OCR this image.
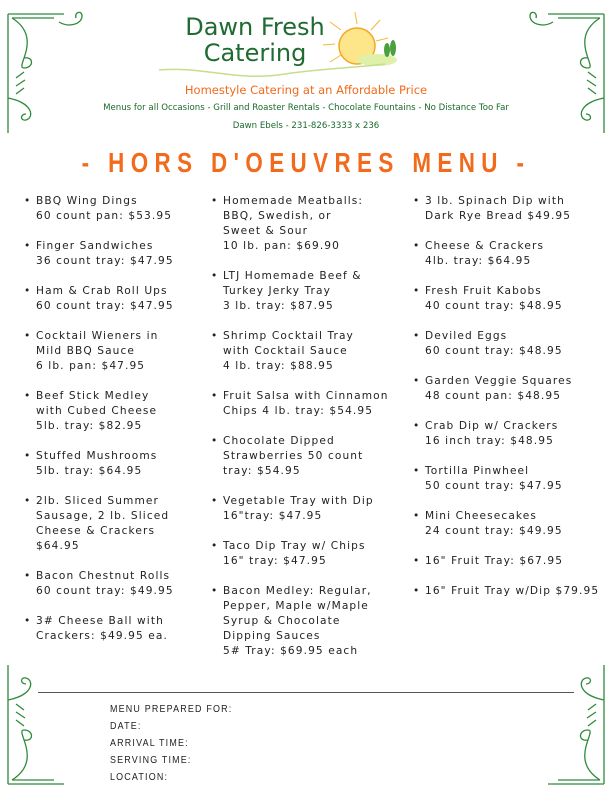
Dawn Fresh
Catering
Homestyle Catering at an Affordable Price
Menus for all Occasions - Grill and Roaster Rentals - Chocolate Fountains - No Distance Too Far
Dawn Ebels - 231-826-3333 x 236
- HORS D'OEUVRES MENU -
• BBQ Wing Dings
60 count pan: $53.95
• Finger Sandwiches
36 count tray: $47.95
• Ham & Crab Roll Ups
60 count tray: $47.95
• Cocktail Wieners in
Mild BBQ Sauce
6 lb. pan: $47.95
• Beef Stick Medley
with Cubed Cheese
5lb. tray: $82.95
• Stuffed Mushrooms
5lb. tray: $64.95
• 2lb. Sliced Summer
Sausage, 2 lb. Sliced
Cheese & Crackers
$64.95
• Bacon Chestnut Rolls
60 count tray: $49.95
• 3# Cheese Ball with
Crackers: $49.95 ea.
• Homemade Meatballs:
BBQ, Swedish, or
Sweet & Sour
10 lb. pan: $69.90
• LTJ Homemade Beef &
Turkey Jerky Tray
3 lb. tray: $87.95
• Shrimp Cocktail Tray
with Cocktail Sauce
4 lb. tray: $88.95
• Fruit Salsa with Cinnamon
Chips 4 lb. tray: $54.95
• Chocolate Dipped
Strawberries 50 count
tray: $54.95
• Vegetable Tray with Dip
16"tray: $47.95
• Taco Dip Tray w/ Chips
16" tray: $47.95
• Bacon Medley: Regular,
Pepper, Maple w/Maple
Syrup & Chocolate
Dipping Sauces
5# Tray: $69.95 each
• 3 lb. Spinach Dip with
Dark Rye Bread $49.95
• Cheese & Crackers
4lb. tray: $64.95
• Fresh Fruit Kabobs
40 count tray: $48.95
• Deviled Eggs
60 count tray: $48.95
• Garden Veggie Squares
48 count pan: $48.95
• Crab Dip w/ Crackers
16 inch tray: $48.95
• Tortilla Pinwheel
50 count tray: $47.95
• Mini Cheesecakes
24 count tray: $49.95
• 16" Fruit Tray: $67.95
• 16" Fruit Tray w/Dip $79.95
MENU PREPARED FOR:
DATE:
ARRIVAL TIME:
SERVING TIME:
LOCATION:
